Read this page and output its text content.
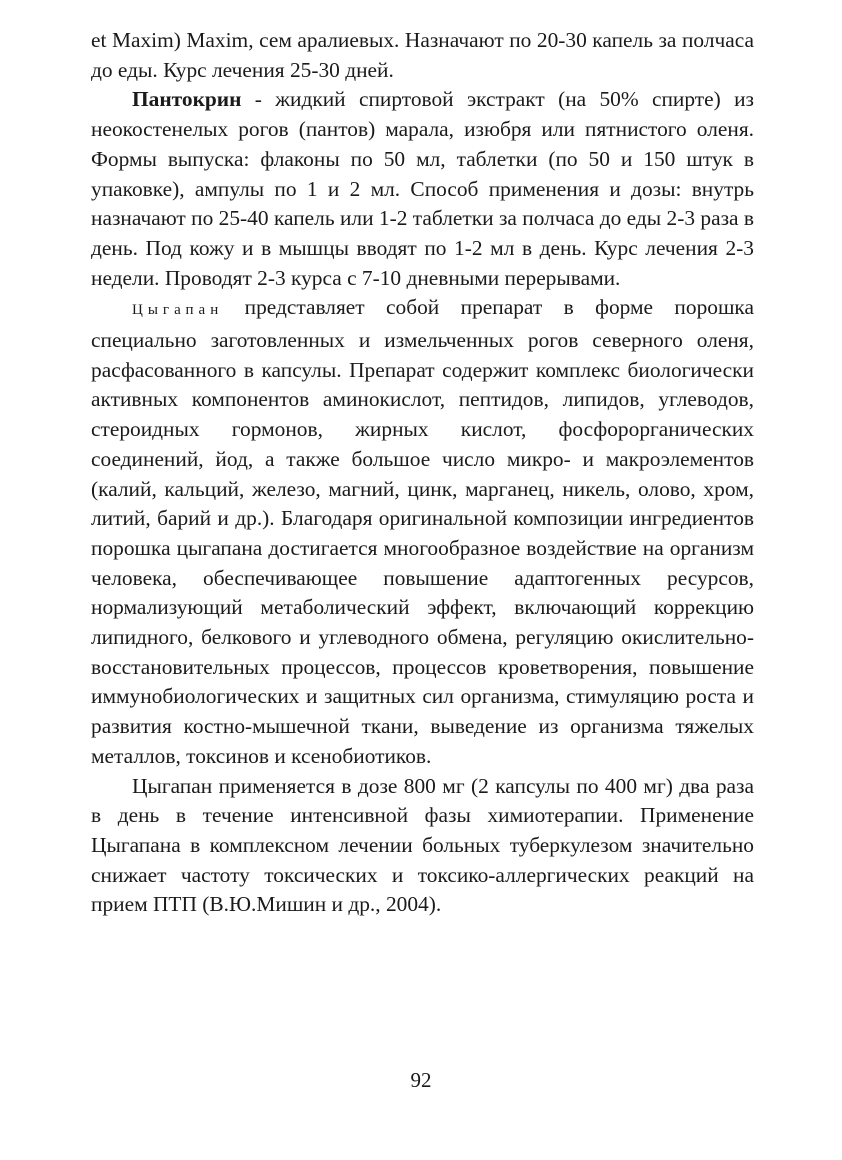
et Maxim) Maxim, сем аралиевых. Назначают по 20-30 капель за полчаса до еды. Курс лечения 25-30 дней.

Пантокрин - жидкий спиртовой экстракт (на 50% спирте) из неокостенелых рогов (пантов) марала, изюбря или пятнистого оленя. Формы выпуска: флаконы по 50 мл, таблетки (по 50 и 150 штук в упаковке), ампулы по 1 и 2 мл. Способ применения и дозы: внутрь назначают по 25-40 капель или 1-2 таблетки за полчаса до еды 2-3 раза в день. Под кожу и в мышцы вводят по 1-2 мл в день. Курс лечения 2-3 недели. Проводят 2-3 курса с 7-10 дневными перерывами.

Цыгапан представляет собой препарат в форме порошка специально заготовленных и измельченных рогов северного оленя, расфасованного в капсулы. Препарат содержит комплекс биологически активных компонентов аминокислот, пептидов, липидов, углеводов, стероидных гормонов, жирных кислот, фосфорорганических соединений, йод, а также большое число микро- и макроэлементов (калий, кальций, железо, магний, цинк, марганец, никель, олово, хром, литий, барий и др.). Благодаря оригинальной композиции ингредиентов порошка цыгапана достигается многообразное воздействие на организм человека, обеспечивающее повышение адаптогенных ресурсов, нормализующий метаболический эффект, включающий коррекцию липидного, белкового и углеводного обмена, регуляцию окислительно-восстановительных процессов, процессов кроветворения, повышение иммунобиологических и защитных сил организма, стимуляцию роста и развития костно-мышечной ткани, выведение из организма тяжелых металлов, токсинов и ксенобиотиков.

Цыгапан применяется в дозе 800 мг (2 капсулы по 400 мг) два раза в день в течение интенсивной фазы химиотерапии. Применение Цыгапана в комплексном лечении больных туберкулезом значительно снижает частоту токсических и токсико-аллергических реакций на прием ПТП (В.Ю.Мишин и др., 2004).

92
